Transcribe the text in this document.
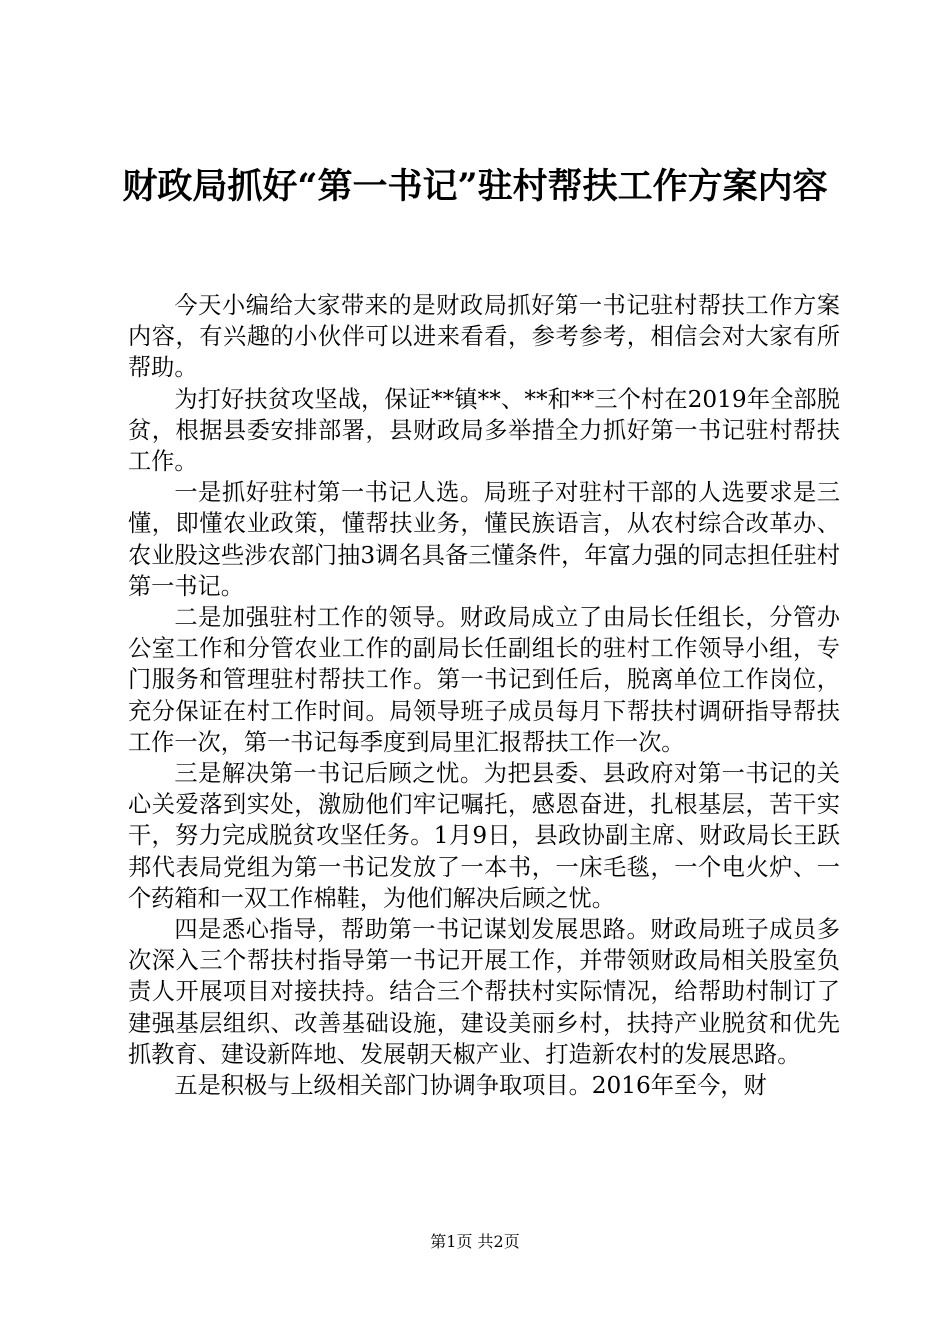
财政局抓好“第一书记”驻村帮扶工作方案内容

今天小编给大家带来的是财政局抓好第一书记驻村帮扶工作方案内容，有兴趣的小伙伴可以进来看看，参考参考，相信会对大家有所帮助。

为打好扶贫攻坚战，保证**镇**、**和**三个村在2019年全部脱贫，根据县委安排部署，县财政局多举措全力抓好第一书记驻村帮扶工作。

一是抓好驻村第一书记人选。局班子对驻村干部的人选要求是三懂，即懂农业政策，懂帮扶业务，懂民族语言，从农村综合改革办、农业股这些涉农部门抽3调名具备三懂条件，年富力强的同志担任驻村第一书记。

二是加强驻村工作的领导。财政局成立了由局长任组长，分管办公室工作和分管农业工作的副局长任副组长的驻村工作领导小组，专门服务和管理驻村帮扶工作。第一书记到任后，脱离单位工作岗位，充分保证在村工作时间。局领导班子成员每月下帮扶村调研指导帮扶工作一次，第一书记每季度到局里汇报帮扶工作一次。

三是解决第一书记后顾之忧。为把县委、县政府对第一书记的关心关爱落到实处，激励他们牢记嘱托，感恩奋进，扎根基层，苦干实干，努力完成脱贫攻坚任务。1月9日，县政协副主席、财政局长王跃邦代表局党组为第一书记发放了一本书，一床毛毯，一个电火炉、一个药箱和一双工作棉鞋，为他们解决后顾之忧。

四是悉心指导，帮助第一书记谋划发展思路。财政局班子成员多次深入三个帮扶村指导第一书记开展工作，并带领财政局相关股室负责人开展项目对接扶持。结合三个帮扶村实际情况，给帮助村制订了建强基层组织、改善基础设施，建设美丽乡村，扶持产业脱贫和优先抓教育、建设新阵地、发展朝天椒产业、打造新农村的发展思路。

五是积极与上级相关部门协调争取项目。2016年至今，财

第1页 共2页
